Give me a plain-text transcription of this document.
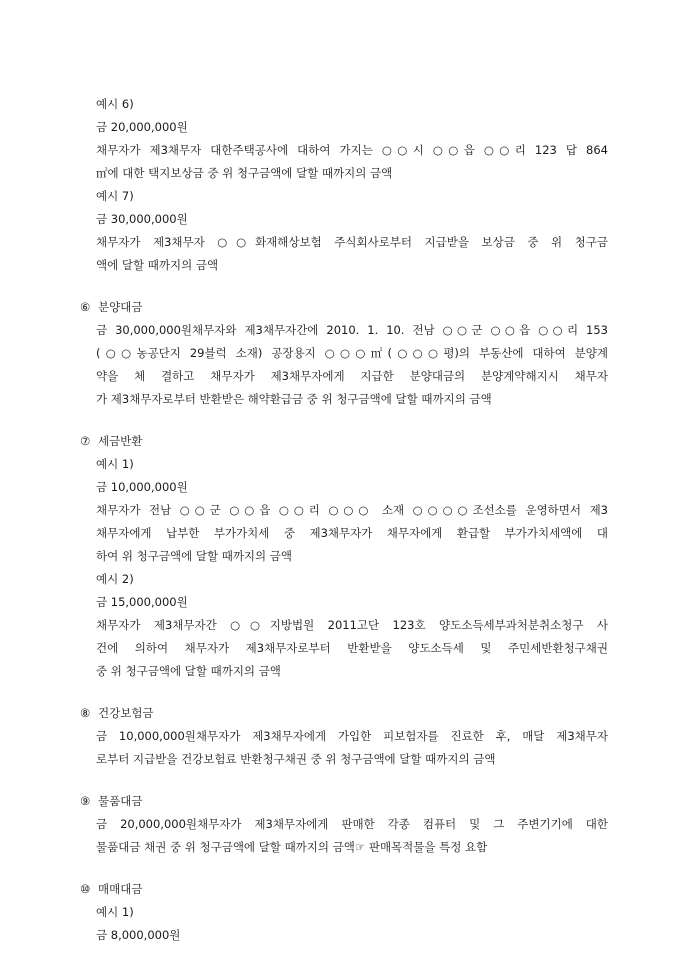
예시 6)
금 20,000,000원
채무자가 제3채무자 대한주택공사에 대하여 가지는 ○○시 ○○읍 ○○리 123 답 864
㎡에 대한 택지보상금 중 위 청구금액에 달할 때까지의 금액
예시 7)
금 30,000,000원
채무자가 제3채무자 ○○화재해상보험 주식회사로부터 지급받을 보상금 중 위 청구금
액에 달할 때까지의 금액
⑥ 분양대금
금 30,000,000원채무자와 제3채무자간에 2010. 1. 10. 전남 ○○군 ○○읍 ○○리 153
(○○농공단지 29블럭 소재) 공장용지 ○○○㎡(○○○평)의 부동산에 대하여 분양계
약을 체 결하고 채무자가 제3채무자에게 지급한 분양대금의 분양계약해지시 채무자
가 제3채무자로부터 반환받은 해약환급금 중 위 청구금액에 달할 때까지의 금액
⑦ 세금반환
예시 1)
금 10,000,000원
채무자가 전남 ○○군 ○○읍 ○○리 ○○○ 소재 ○○○○조선소를 운영하면서 제3
채무자에게 납부한 부가가치세 중 제3채무자가 채무자에게 환급할 부가가치세액에 대
하여 위 청구금액에 달할 때까지의 금액
예시 2)
금 15,000,000원
채무자가 제3채무자간 ○○지방법원 2011고단 123호 양도소득세부과처분취소청구 사
건에 의하여 채무자가 제3채무자로부터 반환받을 양도소득세 및 주민세반환청구채권
중 위 청구금액에 달할 때까지의 금액
⑧ 건강보험금
금 10,000,000원채무자가 제3채무자에게 가입한 피보험자를 진료한 후, 매달 제3채무자
로부터 지급받을 건강보험료 반환청구채권 중 위 청구금액에 달할 때까지의 금액
⑨ 물품대금
금 20,000,000원채무자가 제3채무자에게 판매한 각종 컴퓨터 및 그 주변기기에 대한
물품대금 채권 중 위 청구금액에 달할 때까지의 금액☞ 판매목적물을 특정 요함
⑩ 매매대금
예시 1)
금 8,000,000원
